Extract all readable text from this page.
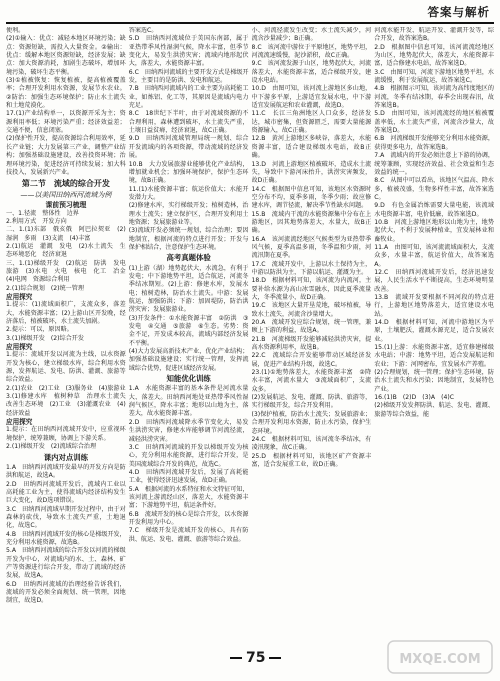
答案与解析

便利。

(2)①输入：优点：减轻本地区环境污染；缺点：资源短缺，需投入大量资金。②输出：优点：缓解本地区资源短缺，经济发展；缺点：加大资源消耗，加剧生态破坏，增加环境污染，破坏生态平衡。

(3)①植被恢复：恢复植被，提高植被覆盖率；合理开发利用水资源，发展节水农业。②防治：加强生态环境保护；防止水土流失和土地荒漠化。

17.(1)产业结构单一，以资源开采为主；资源利用率低；环境污染严重；经济效益差；交通不便，信息闭塞。

(2)保护性开发，提高资源综合利用效率，延长产业链；大力发展第三产业，调整产业结构；加强基础设施建设，改善投资环境；治理环境污染，促进经济可持续发展；加大科技投入，发展新兴产业。

第二节　流域的综合开发

——以美国田纳西河流域为例

课前预习梳理

一、1.径流　整体性　边界

2.利用方式　开发方向

二、1.(1)东部　俄亥俄　阿巴拉契亚　(2)湿润　多雨　(3)支流　(4)丰富

2.(1)航运　灌溉　发电　(2)水土流失　生态环境恶化　经济衰退

三、1.(1)梯级开发　(2)航运　防洪　发电　旅游　(3)水电　火电　核电　化工　冶金　(4)电网　资源综合利用

2.(1)综合规划　(2)统一管理

应用探究

1.提示：(1)流域面积广，支流众多，落差大，水能资源丰富；(2)上游山区开发晚，经济落后，植被破坏，水土流失加剧。

2.提示：可以，原因略。

3.(1)梯级开发　(2)综合开发

应用探究

1.提示：流域开发以河流为主线，以水资源开发为核心，建立梯级水库，综合利用水资源，发挥航运、发电、防洪、灌溉、旅游等综合效益。

2.(1)农业　(2)工业　(3)服务业　(4)旅游业

3.(1)修建水库　植树种草　治理水土流失　改善生态环境　(2)工业　(3)灌溉农业　(4)经济效益

应用探究

1.提示：在田纳西河流域开发中，应重视环境保护，统筹兼顾，协调上下游关系。

2.(1)梯级开发　(2)流域综合治理

课内对点训练

1.A　田纳西河流域开发最早的开发方向是防洪和航运，故选A。

2.D　田纳西河流域开发后，流域内工业以高耗能工业为主，使得流域内经济结构发生巨大变化，故D选项错误。

3.C　田纳西河流域早期开发过程中，由于对森林的砍伐，导致水土流失严重，土地退化，故选C。

4.B　田纳西河流域开发的核心是梯级开发，充分利用水能资源，故选B。

5.A　田纳西河流域的综合开发以河流的梯级开发为中心，对流域内的水、土、森林、矿产等资源进行综合开发，带动了流域的经济发展，故选A。

6.D　田纳西河流域的治理经验告诉我们，流域的开发必须全面规划、统一管理，因地制宜，故选D。

答案选C。

5.D　田纳西河流域位于美国东南部，属于亚热带季风性湿润气候，降水丰富，但季节变化大，易发生洪涝灾害；流域内地形起伏大，落差大，水能资源丰富。

6.C　田纳西河流域的主要开发方式是梯级开发，主要目的是防洪、发电和航运。

7.B　田纳西河流域内的工业主要为高耗能工业，如炼铝、化工等，其原因是流域内电力充足。

8.C　18世纪下半叶，由于对流域资源的不合理利用，森林遭到破坏，水土流失严重，土壤日益贫瘠，经济衰退，故C正确。

9.D　田纳西河流域管理局统一规划、综合开发流域内的各项资源，带动流域的经济发展。

10.B　大力发展旅游业能够优化产业结构，增加就业机会；加强环境保护，保护生态环境，故B正确。

11.(1)水能资源丰富；航运价值大；水能开发潜力大。

(2)修建水库，实行梯级开发；植树造林，治理水土流失；建立保护区，合理开发利用土地资源；发展旅游业等。

(3)流域开发必须统一规划，综合治理；要因地制宜，根据河流的特点进行开发；开发与保护相结合，注意保护生态环境。

高考真题体验

(1)上游（湖）地势起伏大，水流急，有利于发电；中下游地势平坦，适合航运，河流冬季结冰期短。(2)上游：修建水库，发展水电；植树造林，防治水土流失。中游：发展航运，加强防洪；下游：加固堤防，防治洪涝灾害；发展旅游业。

(3)开发条件：①水能资源丰富　②防洪　③发电　④交通　⑤旅游　⑥生态。劣势：资金不足，开发成本较高，流域内部经济发展不平衡。

(4)大力发展高新技术产业，优化产业结构；加强基础设施建设；实行统一管理，发挥流域综合优势，促进区域经济发展。

知能优化训练

1.A　水能资源丰富的基本条件是河流水量大、落差大。田纳西河地处亚热带季风性湿润气候区，降水丰富；地形以山地为主，落差大，故水能资源丰富。

2.D　田纳西河流域降水季节变化大，易发生洪涝灾害，修建水库能够调节河流径流，减轻洪涝灾害。

3.C　田纳西河流域的开发以梯级开发为核心，充分利用水能资源，进行综合开发，是美国流域综合开发的典范，故选C。

4.D　田纳西河流域开发后，发展了高耗能工业，使得经济迅速发展，故D正确。

5.A　根据河流的水系特征和水文特征可知，该河流上游流经山区，落差大，水能资源丰富；下游地势平坦，航运条件好。

6.B　流域开发的核心是综合开发，以水资源开发利用为中心。

7.C　梯级开发是流域开发的核心，具有防洪、航运、发电、灌溉、旅游等综合效益。

小、河流径流发生改变；水土流失减少，河流含沙量减少；B正确。

8.C　该河流中游位于平原地区，地势平坦，河流流速缓慢，泥沙淤积，故C正确。

9.C　该河流发源于山区，地势起伏大，河流落差大，水能资源丰富，适合梯级开发，建设水电站。

10.D　由图可知，该河流上游地区多山地，中下游多平原，上游适宜发展水电，中下游适宜发展航运和农业灌溉，故选D。

11.C　长江三角洲地区人口众多，经济发达，城市密集，但资源匮乏，需要大量能源资源输入，故C正确。

12.B　黄河上游地区多峡谷，落差大，水能资源丰富，适合建设梯级水电站，故B正确。

13.D　河流上游地区植被破坏，造成水土流失，导致中下游河床抬升，洪涝灾害频发，故D正确。

14.C　根据图中信息可知，该地区水资源时空分布不均，夏季多雨，冬季少雨；故应修建水库，调节径流，解决季节性缺水问题。

15.B　流域内干流的水能资源集中分布在上游地区，因其地势落差大，水量大，故B正确。

16.A　该河流流经地区气候类型为亚热带季风气候，夏季高温多雨，冬季温和少雨，河流汛期在夏季。

17.C　流域开发中，上游以水土保持为主，中游以防洪为主，下游以航运、灌溉为主。

18.D　根据材料可知，该河流为内流河，主要补给水源为高山冰雪融水，因此夏季流量大，冬季流量小，故D正确。

19.C　该地区大量开垦荒地，破坏植被，导致水土流失，河流含沙量增大。

20.A　流域开发应综合规划，统一管理，兼顾上下游的利益，故选A。

21.B　河流梯级开发能够减轻洪涝灾害，提高水资源利用率，故选B。

22.C　流域综合开发能够带动区域经济发展，促进产业结构升级，故选C。

23.(1)①地势落差大，水能资源丰富　②降水丰富，河流水量大　③流域面积广，支流众多。

(2)发展航运、发电、灌溉、防洪、旅游等，实行梯级开发，综合开发利用。

(3)保护植被，防治水土流失；发展旅游业；合理开发利用水资源，防止水污染，保护生态环境。

24.C　根据材料可知，该河流冬季结冰，有凌汛现象，故C正确。

25.D　根据材料可知，该地区矿产资源丰富，适合发展重工业，故D正确。

河流水能开发、航运开发、灌溉开发等，综合开发，故答案选B。

2.D　根据图中信息可知，该河流流经地区为山区，地势起伏大，落差大，水能资源丰富，适合修建水电站，故答案选D。

3.C　由图可知，河流下游地区地势平坦，水流缓慢，利于发展航运，故答案选C。

4.B　根据图示可知，该河流为高纬度地区的河流，冬季有结冰期，春季会出现春汛，故答案选B。

5.D　由图可知，该河流流经的地区植被覆盖率低，水土流失严重，河流含沙量大，故答案选D。

6.B　河流梯级开发能够充分利用水能资源，获得更多电力，故答案选B。

7.A　流域内的开发必须注意上下游的协调，统筹兼顾，实现经济效益、社会效益和生态效益的统一。

8.C　从图中可以看出，该地区气温高、降水多，植被茂盛，生物多样性丰富，故答案选C。

9.D　有色金属冶炼需要大量电能，该流域水电资源丰富，电价低廉，故答案选D。

10.B　河流上游地区地形以山地为主，地势起伏大，不利于发展种植业，宜发展林业和畜牧业。

11.A　由图可知，该河流流域面积大，支流众多，水量丰富，航运价值大，故答案选A。

12.C　田纳西河流域开发后，经济迅速发展，人民生活水平不断提高，生态环境明显改善。

13.B　流域开发要根据不同河段的特点进行，上游地区地势落差大，适宜建设水电站。

14.D　根据材料可知，河流中游地区为平原，土壤肥沃，灌溉水源充足，适合发展农业。

15.(1)上游：水能资源丰富，适宜修建梯级水电站；中游：地势平坦，适合发展航运和农业；下游：河网密布，宜发展水产养殖。

(2)合理规划，统一管理；保护生态环境，防治水土流失和水污染；因地制宜，发展特色产业。

16.(1)B　(2)D　(3)A　(4)C

(2)梯级开发发挥防洪、航运、发电、灌溉、旅游等综合效益，能

75	MXQE.COM
